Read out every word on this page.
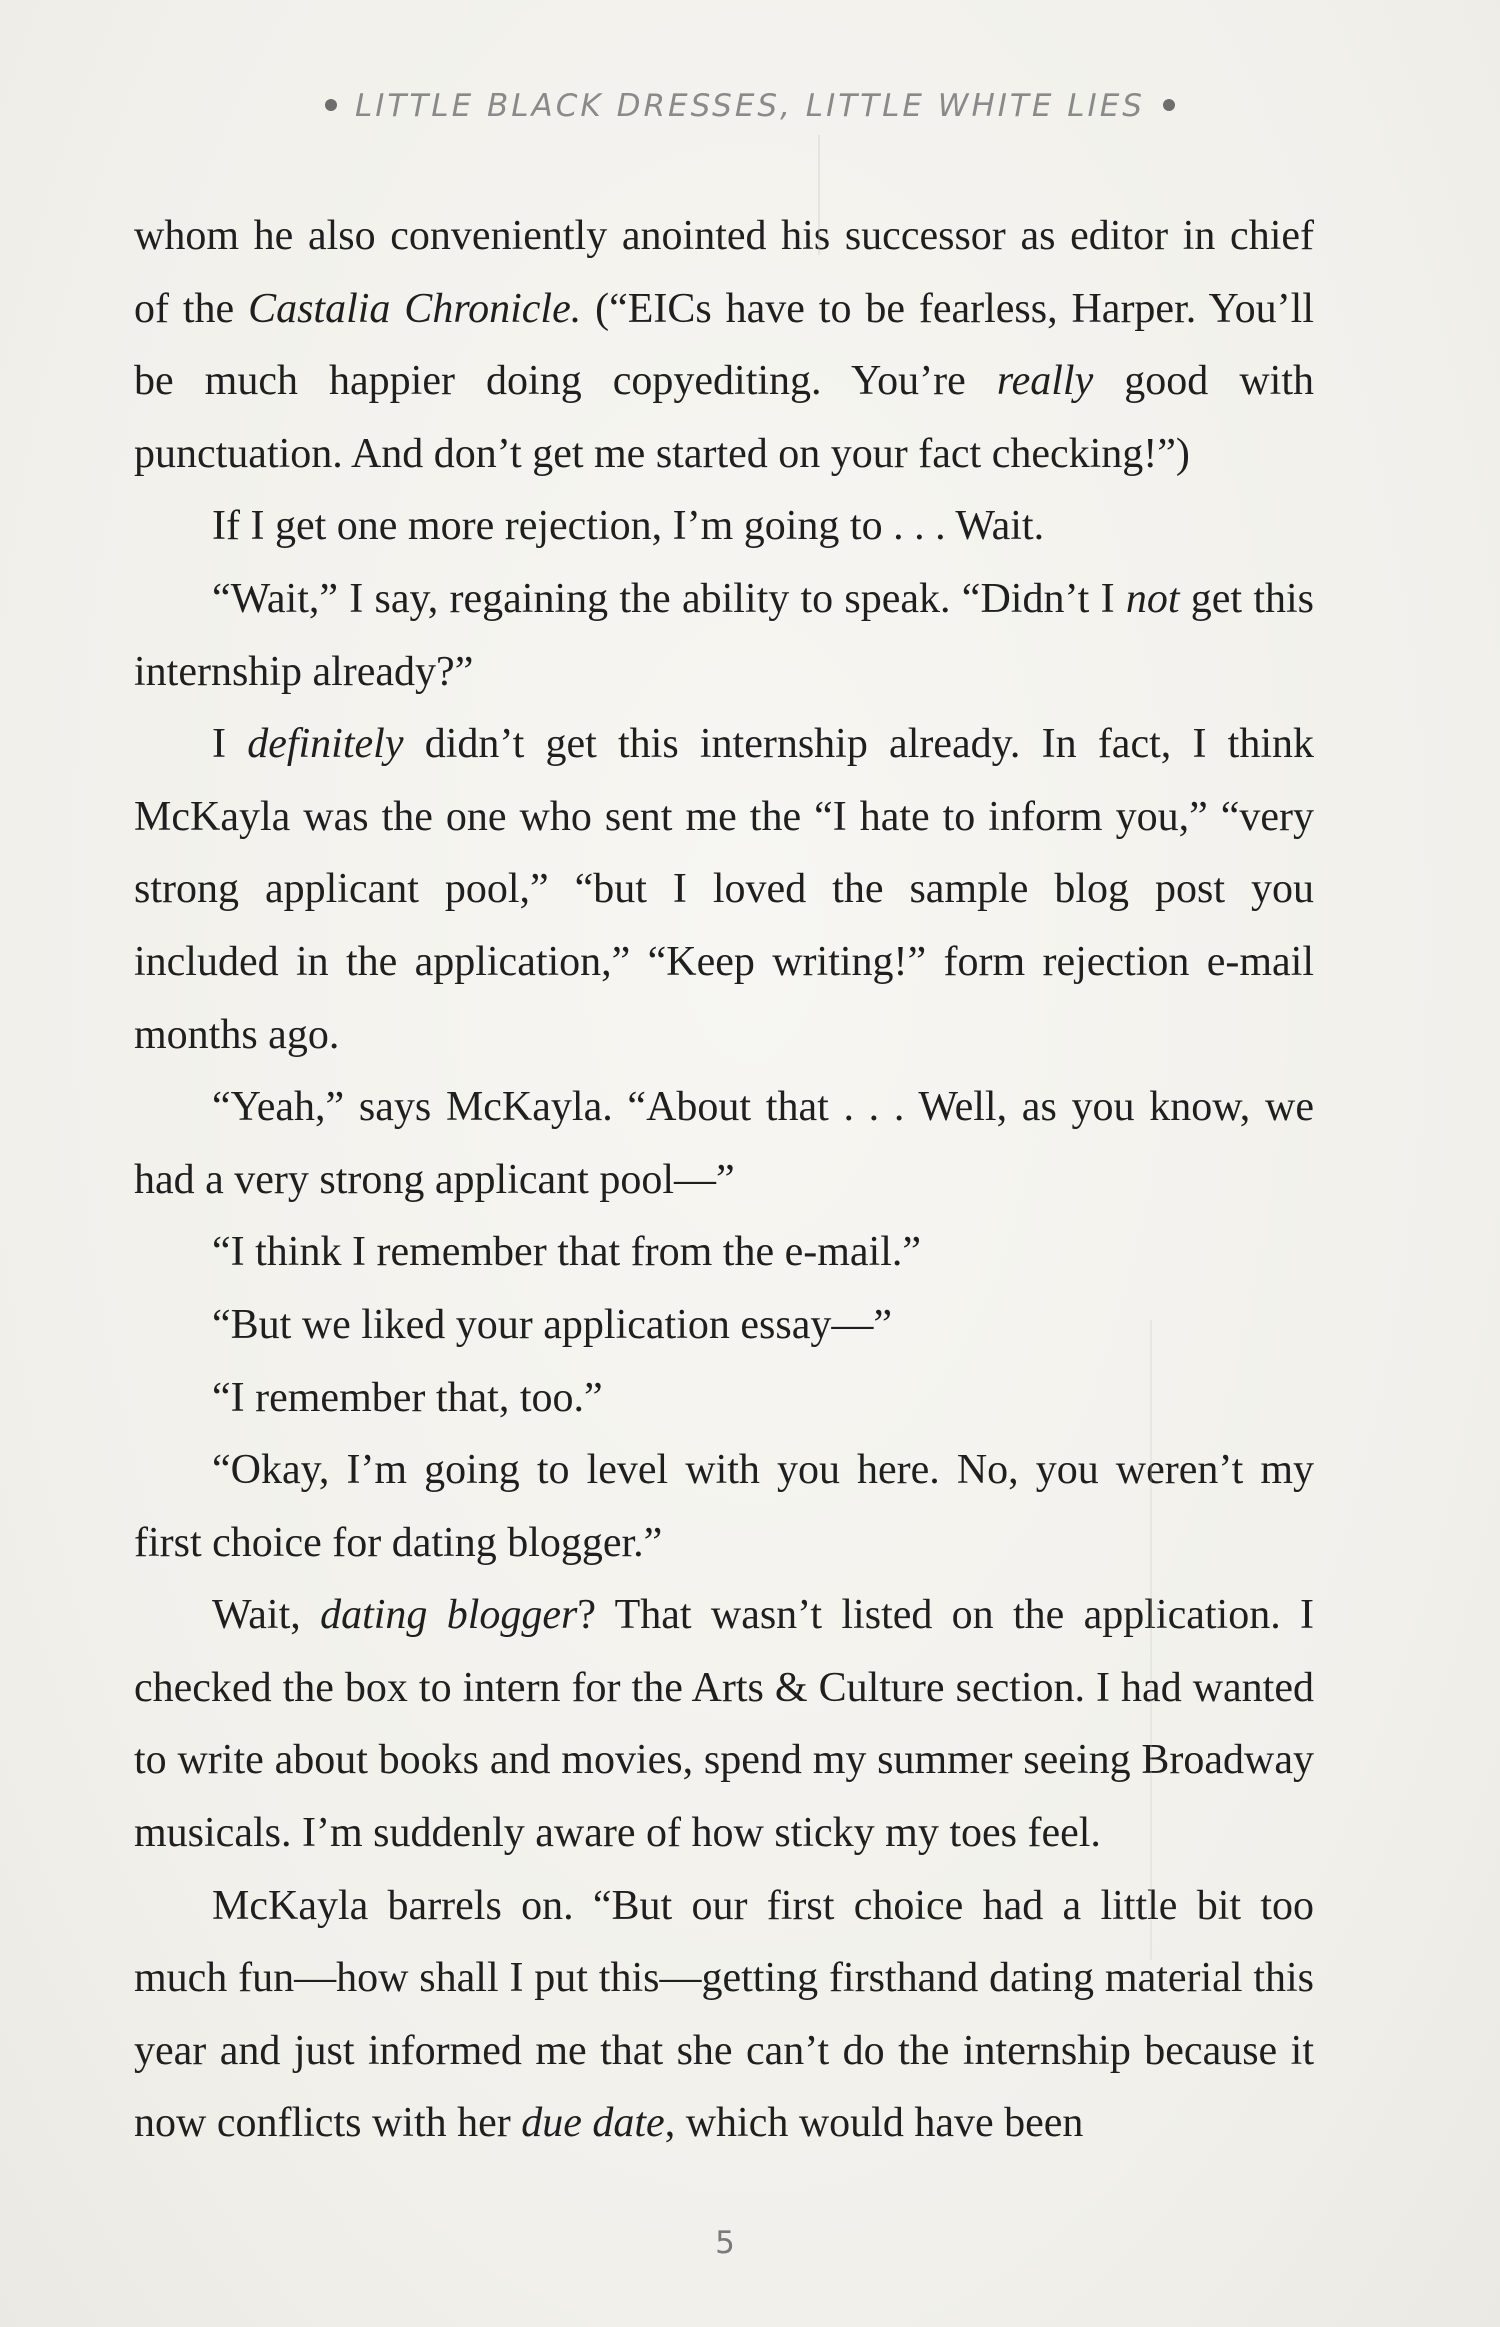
LITTLE BLACK DRESSES, LITTLE WHITE LIES

whom he also conveniently anointed his successor as editor in chief of the Castalia Chronicle. (“EICs have to be fearless, Harper. You’ll be much happier doing copyediting. You’re really good with punctuation. And don’t get me started on your fact checking!”)

If I get one more rejection, I’m going to . . . Wait.

“Wait,” I say, regaining the ability to speak. “Didn’t I not get this internship already?”

I definitely didn’t get this internship already. In fact, I think McKayla was the one who sent me the “I hate to inform you,” “very strong applicant pool,” “but I loved the sample blog post you included in the application,” “Keep writing!” form rejection e-mail months ago.

“Yeah,” says McKayla. “About that . . . Well, as you know, we had a very strong applicant pool—”

“I think I remember that from the e-mail.”

“But we liked your application essay—”

“I remember that, too.”

“Okay, I’m going to level with you here. No, you weren’t my first choice for dating blogger.”

Wait, dating blogger? That wasn’t listed on the application. I checked the box to intern for the Arts & Culture section. I had wanted to write about books and movies, spend my summer seeing Broadway musicals. I’m suddenly aware of how sticky my toes feel.

McKayla barrels on. “But our first choice had a little bit too much fun—how shall I put this—getting firsthand dating material this year and just informed me that she can’t do the internship because it now conflicts with her due date, which would have been

5
